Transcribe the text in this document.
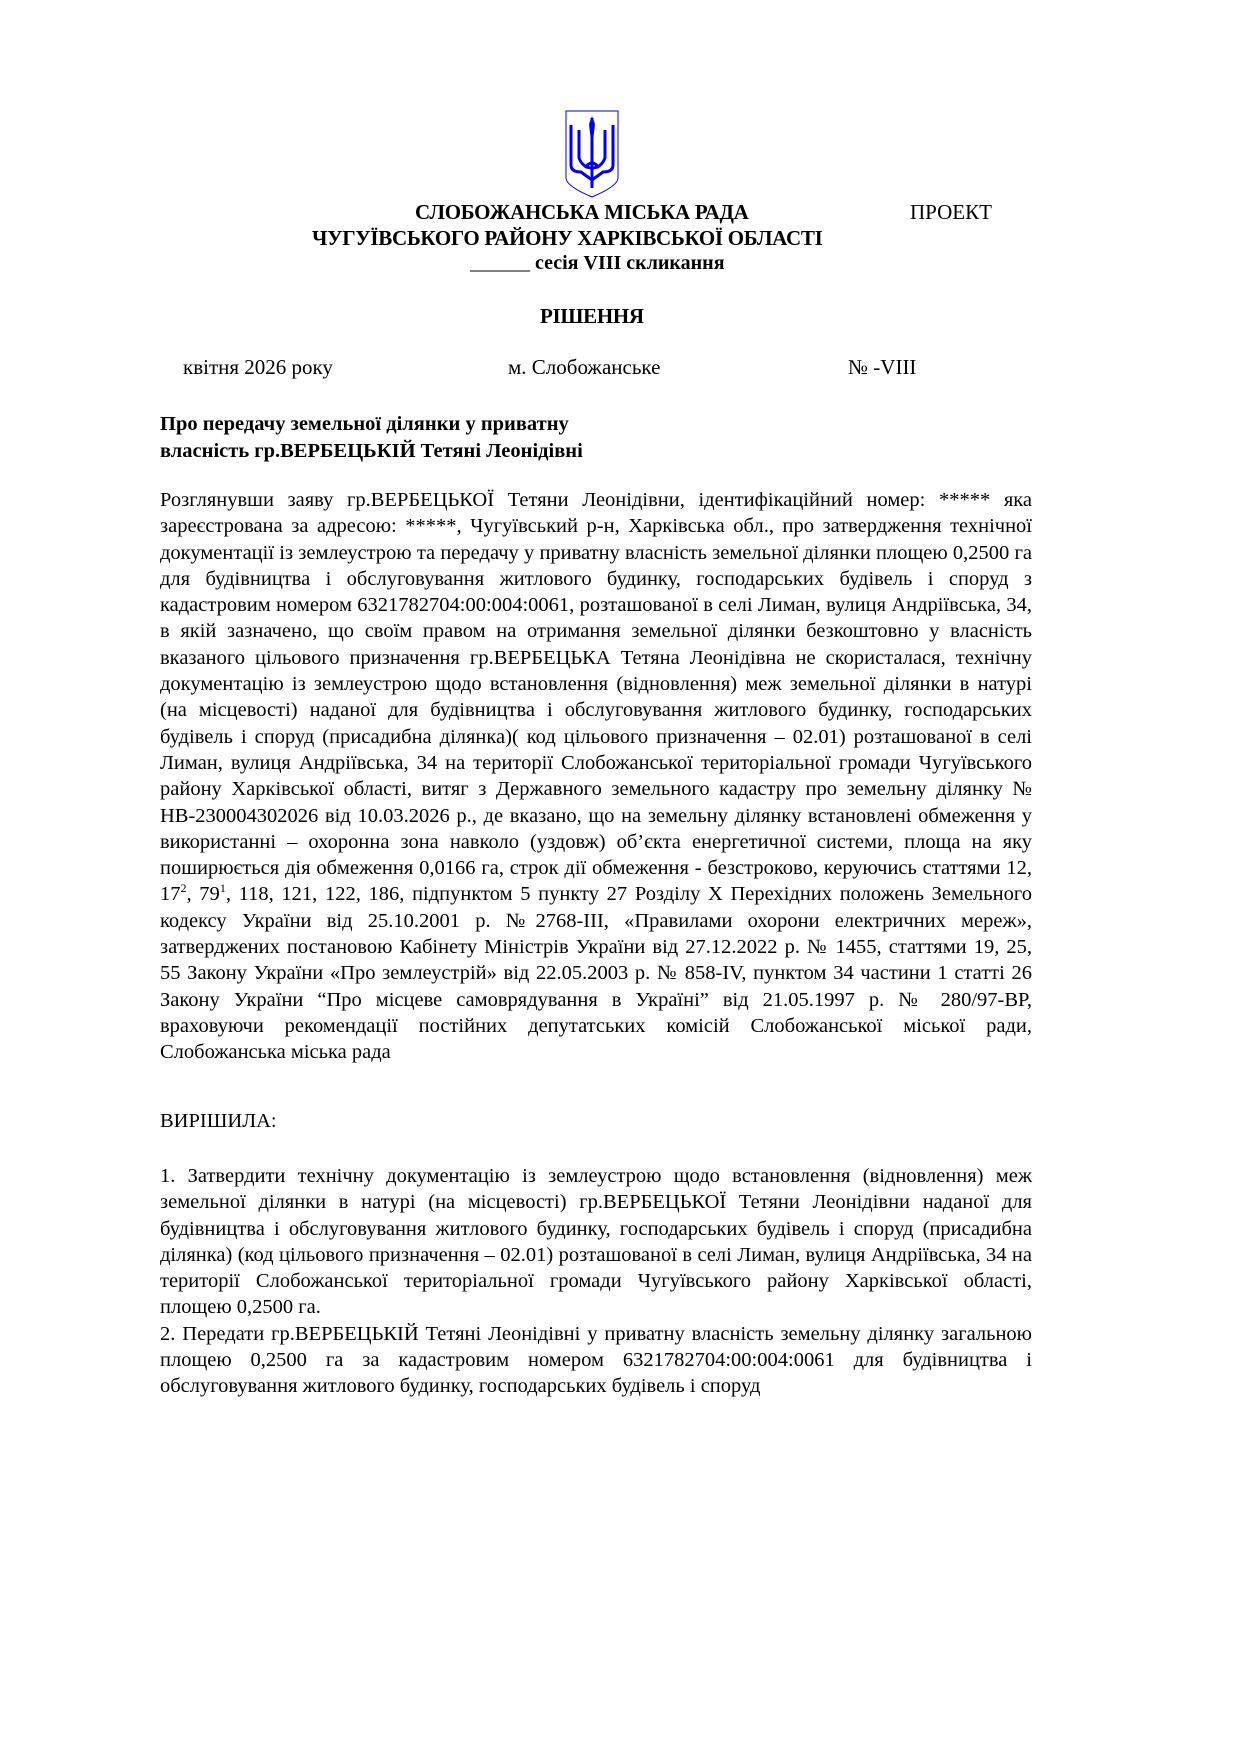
СЛОБОЖАНСЬКА МІСЬКА РАДА	ПРОЕКТ
ЧУГУЇВСЬКОГО РАЙОНУ ХАРКІВСЬКОЇ ОБЛАСТІ
______ сесія VIII скликання
РІШЕННЯ
квітня 2026 року	м. Слобожанське	№ -VIII
Про передачу земельної ділянки у приватну
власність гр.ВЕРБЕЦЬКІЙ Тетяні Леонідівні

Розглянувши заяву гр.ВЕРБЕЦЬКОЇ Тетяни Леонідівни, ідентифікаційний номер: ***** яка зареєстрована за адресою: *****, Чугуївський р-н, Харківська обл., про затвердження технічної документації із землеустрою та передачу у приватну власність земельної ділянки площею 0,2500 га для будівництва і обслуговування житлового будинку, господарських будівель і споруд з кадастровим номером 6321782704:00:004:0061, розташованої в селі Лиман, вулиця Андріївська, 34, в якій зазначено, що своїм правом на отримання земельної ділянки безкоштовно у власність вказаного цільового призначення гр.ВЕРБЕЦЬКА Тетяна Леонідівна не скористалася, технічну документацію із землеустрою щодо встановлення (відновлення) меж земельної ділянки в натурі (на місцевості) наданої для будівництва і обслуговування житлового будинку, господарських будівель і споруд (присадибна ділянка)( код цільового призначення – 02.01) розташованої в селі Лиман, вулиця Андріївська, 34 на території Слобожанської територіальної громади Чугуївського району Харківської області, витяг з Державного земельного кадастру про земельну ділянку № НВ-230004302026 від 10.03.2026 р., де вказано, що на земельну ділянку встановлені обмеження у використанні – охоронна зона навколо (уздовж) об’єкта енергетичної системи, площа на яку поширюється дія обмеження 0,0166 га, строк дії обмеження - безстроково, керуючись статтями 12, $17^2$, $79^1$, 118, 121, 122, 186, підпунктом 5 пункту 27 Розділу Х Перехідних положень Земельного кодексу України від 25.10.2001 р. №2768-ІІІ, «Правилами охорони електричних мереж», затверджених постановою Кабінету Міністрів України від 27.12.2022 р. № 1455, статтями 19, 25, 55 Закону України «Про землеустрій» від 22.05.2003 р. № 858-IV, пунктом 34 частини 1 статті 26 Закону України “Про місцеве самоврядування в Україні” від 21.05.1997 р. № 280/97-ВР, враховуючи рекомендації постійних депутатських комісій Слобожанської міської ради, Слобожанська міська рада

ВИРІШИЛА:

1. Затвердити технічну документацію із землеустрою щодо встановлення (відновлення) меж земельної ділянки в натурі (на місцевості) гр.ВЕРБЕЦЬКОЇ Тетяни Леонідівни наданої для будівництва і обслуговування житлового будинку, господарських будівель і споруд (присадибна ділянка) (код цільового призначення – 02.01) розташованої в селі Лиман, вулиця Андріївська, 34 на території Слобожанської територіальної громади Чугуївського району Харківської області, площею 0,2500 га.

2. Передати гр.ВЕРБЕЦЬКІЙ Тетяні Леонідівні у приватну власність земельну ділянку загальною площею 0,2500 га за кадастровим номером 6321782704:00:004:0061 для будівництва і обслуговування житлового будинку, господарських будівель і споруд
